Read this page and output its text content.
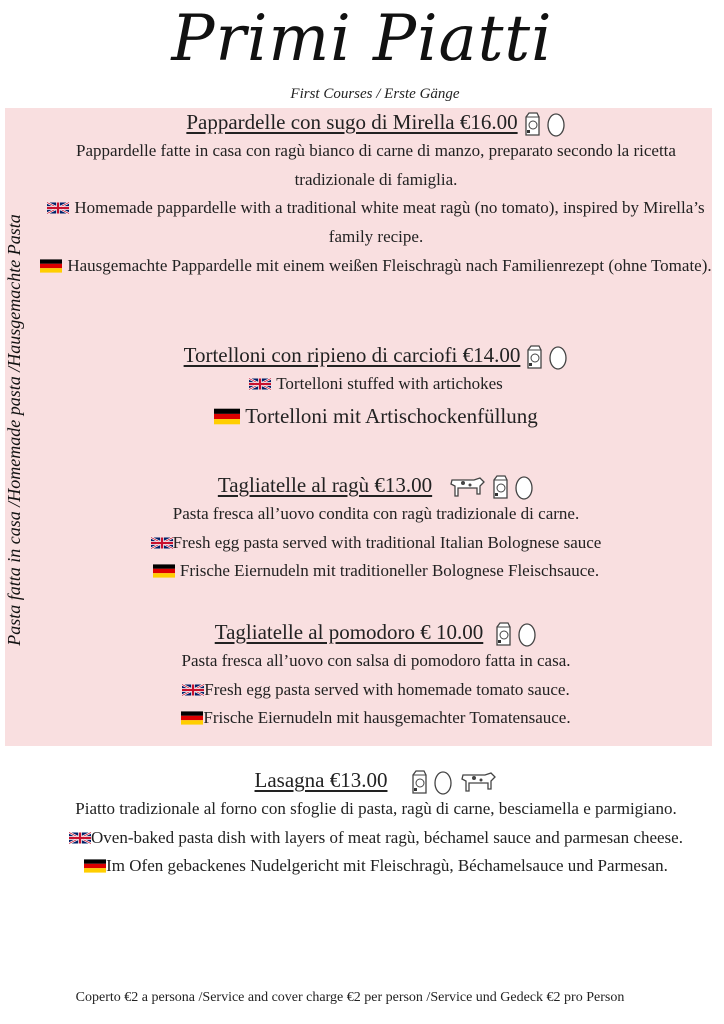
Primi Piatti
First Courses / Erste Gänge
Pasta fatta in casa /Homemade pasta /Hausgemachte Pasta
Pappardelle con sugo di Mirella €16.00
Pappardelle fatte in casa con ragù bianco di carne di manzo, preparato secondo la ricetta tradizionale di famiglia.
Homemade pappardelle with a traditional white meat ragù (no tomato), inspired by Mirella’s family recipe.
Hausgemachte Pappardelle mit einem weißen Fleischragù nach Familienrezept (ohne Tomate).
Tortelloni con ripieno di carciofi €14.00
Tortelloni stuffed with artichokes
Tortelloni mit Artischockenfüllung
Tagliatelle al ragù €13.00
Pasta fresca all’uovo condita con ragù tradizionale di carne.
Fresh egg pasta served with traditional Italian Bolognese sauce
Frische Eiernudeln mit traditioneller Bolognese Fleischsauce.
Tagliatelle al pomodoro € 10.00
Pasta fresca all’uovo con salsa di pomodoro fatta in casa.
Fresh egg pasta served with homemade tomato sauce.
Frische Eiernudeln mit hausgemachter Tomatensauce.
Lasagna €13.00
Piatto tradizionale al forno con sfoglie di pasta, ragù di carne, besciamella e parmigiano.
Oven-baked pasta dish with layers of meat ragù, béchamel sauce and parmesan cheese.
Im Ofen gebackenes Nudelgericht mit Fleischragù, Béchamelsauce und Parmesan.
Coperto €2 a persona /Service and cover charge €2 per person /Service und Gedeck €2 pro Person
